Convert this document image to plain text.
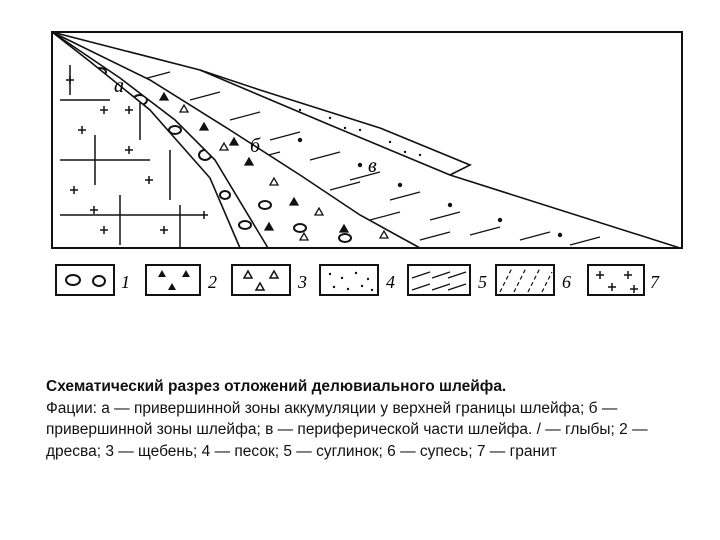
а
б
в
1	2	3	4	5	6	7
Схематический разрез отложений делювиального шлейфа.
Фации: а — привершинной зоны аккумуляции у верхней границы шлейфа; б — привершинной зоны шлейфа; в — периферической части шлейфа. / — глыбы; 2 — дресва; 3 — щебень; 4 — песок; 5 — суглинок; 6 — супесь; 7 — гранит
